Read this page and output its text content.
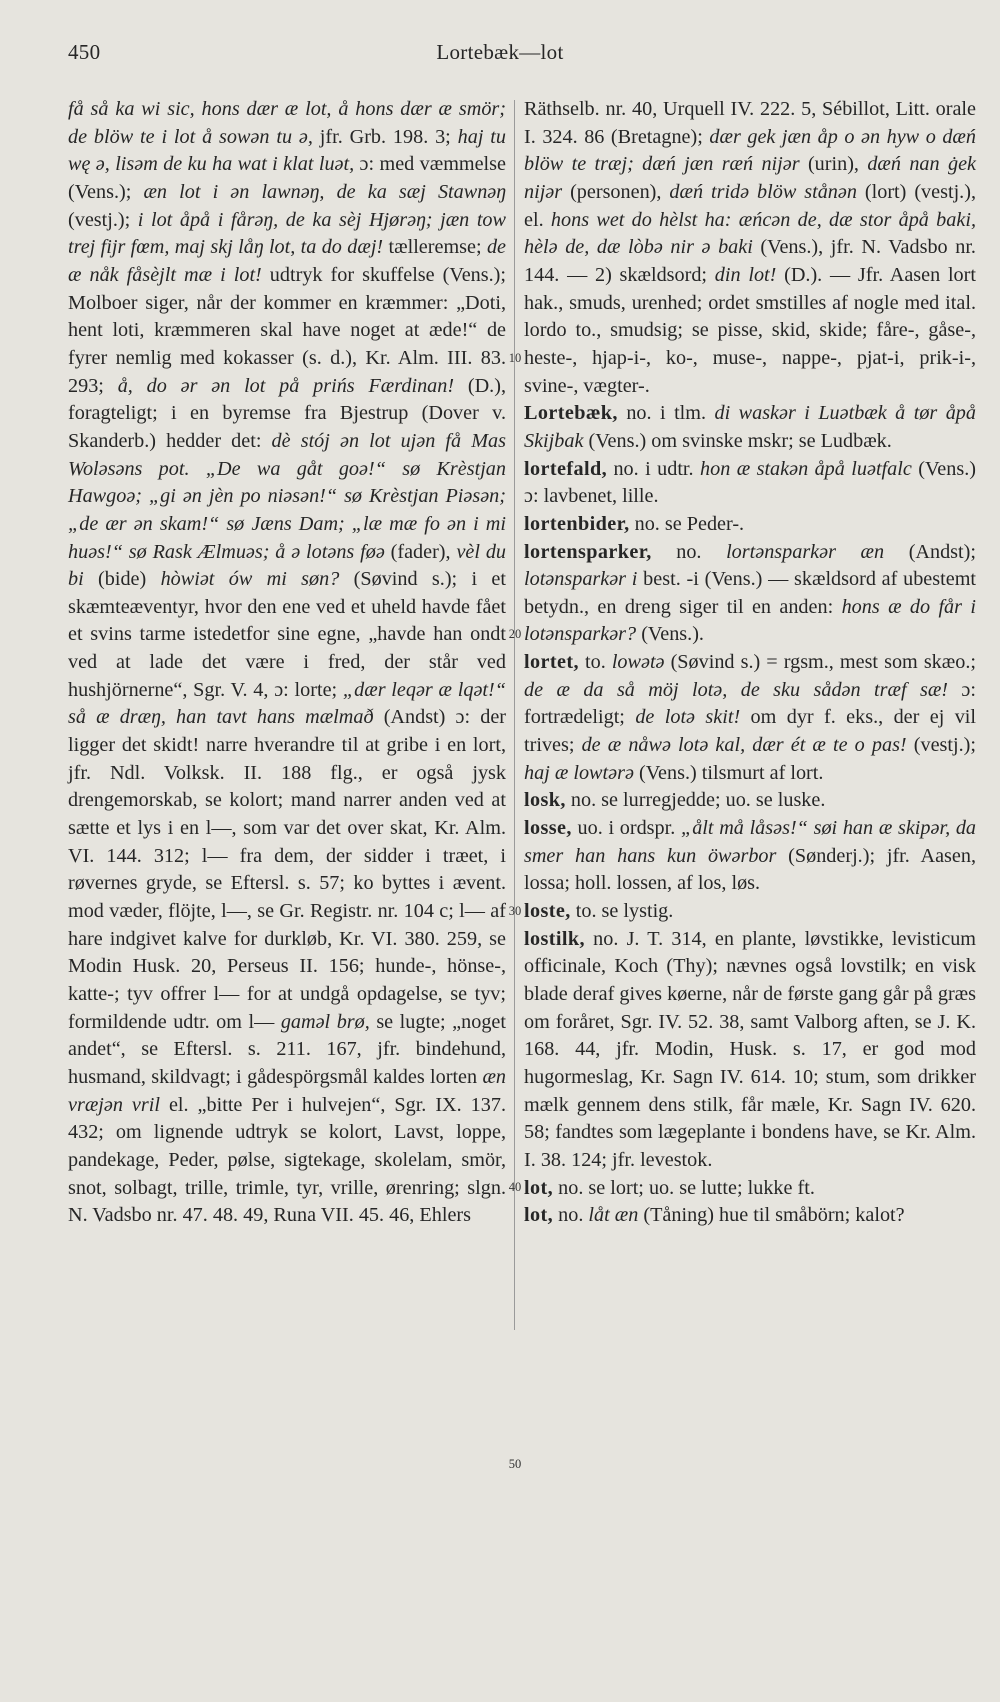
450	Lortebæk—lot

få så ka wi sic, hons dær æ lot, å hons dær æ smör; de blöw te i lot å sowən tu ə, jfr. Grb. 198. 3; haj tu wę ə, lisəm de ku ha wat i klat luət, ɔ: med væmmelse (Vens.); æn lot i ən lawnəŋ, de ka sæj Stawnəŋ (vestj.); i lot åpå i fårəŋ, de ka sèj Hjørəŋ; jæn tow trej fijr fœm, maj skj låŋ lot, ta do dæj! tælleremse; de æ nåk fåsèjlt mæ i lot! udtryk for skuffelse (Vens.); Molboer siger, når der kommer en kræmmer: „Doti, hent loti, kræmmeren skal have noget at æde!“ de fyrer nemlig med kokasser (s. d.), Kr. Alm. III. 83. 293; å, do ər ən lot på prińs Færdinan! (D.), foragteligt; i en byremse fra Bjestrup (Dover v. Skanderb.) hedder det: dè stój ən lot ujən få Mas Woləsəns pot. „De wa gåt goə!“ sø Krèstjan Hawgoə; „gi ən jèn po niəsən!“ sø Krèstjan Piəsən; „de ær ən skam!“ sø Jæns Dam; „læ mæ fo ən i mi huəs!“ sø Rask Ælmuəs; å ə lotəns føə (fader), vèl du bi (bide) hòwiət ów mi søn? (Søvind s.); i et skæmteæventyr, hvor den ene ved et uheld havde fået et svins tarme istedetfor sine egne, „havde han ondt ved at lade det være i fred, der står ved hushjörnerne“, Sgr. V. 4, ɔ: lorte; „dær leqər æ lqət!“ så æ dræŋ, han tavt hans mælmað (Andst) ɔ: der ligger det skidt! narre hverandre til at gribe i en lort, jfr. Ndl. Volksk. II. 188 flg., er også jysk drengemorskab, se kolort; mand narrer anden ved at sætte et lys i en l—, som var det over skat, Kr. Alm. VI. 144. 312; l— fra dem, der sidder i træet, i røvernes gryde, se Eftersl. s. 57; ko byttes i ævent. mod væder, flöjte, l—, se Gr. Registr. nr. 104 c; l— af hare indgivet kalve for durkløb, Kr. VI. 380. 259, se Modin Husk. 20, Perseus II. 156; hunde-, hönse-, katte-; tyv offrer l— for at undgå opdagelse, se tyv; formildende udtr. om l— gaməl brø, se lugte; „noget andet“, se Eftersl. s. 211. 167, jfr. bindehund, husmand, skildvagt; i gådespörgsmål kaldes lorten æn vræjən vril el. „bitte Per i hulvejen“, Sgr. IX. 137. 432; om lignende udtryk se kolort, Lavst, loppe, pandekage, Peder, pølse, sigtekage, skolelam, smör, snot, solbagt, trille, trimle, tyr, vrille, ørenring; slgn. N. Vadsbo nr. 47. 48. 49, Runa VII. 45. 46, Ehlers

10
20
30
40
50

Räthselb. nr. 40, Urquell IV. 222. 5, Sébillot, Litt. orale I. 324. 86 (Bretagne); dær gek jæn åp o ən hyw o dæń blöw te træj; dæń jæn ræń nijər (urin), dæń nan ġek nijər (personen), dæń tridə blöw stånən (lort) (vestj.), el. hons wet do hèlst ha: æńcən de, dæ stor åpå baki, hèlə de, dæ lòbə nir ə baki (Vens.), jfr. N. Vadsbo nr. 144. — 2) skældsord; din lot! (D.). — Jfr. Aasen lort hak., smuds, urenhed; ordet smstilles af nogle med ital. lordo to., smudsig; se pisse, skid, skide; fåre-, gåse-, heste-, hjap-i-, ko-, muse-, nappe-, pjat-i, prik-i-, svine-, vægter-.

Lortebæk, no. i tlm. di waskər i Luətbæk å tør åpå Skijbak (Vens.) om svinske mskr; se Ludbæk.

lortefald, no. i udtr. hon æ stakən åpå luətfalc (Vens.) ɔ: lavbenet, lille.

lortenbider, no. se Peder-.

lortensparker, no. lortənsparkər æn (Andst); lotənsparkər i best. -i (Vens.) — skældsord af ubestemt betydn., en dreng siger til en anden: hons æ do får i lotənsparkər? (Vens.).

lortet, to. lowətə (Søvind s.) = rgsm., mest som skæo.; de æ da så möj lotə, de sku sådən træf sæ! ɔ: fortrædeligt; de lotə skit! om dyr f. eks., der ej vil trives; de æ nåwə lotə kal, dær ét æ te o pas! (vestj.); haj æ lowtərə (Vens.) tilsmurt af lort.

losk, no. se lurregjedde; uo. se luske.

losse, uo. i ordspr. „ålt må låsəs!“ søi han æ skipər, da smer han hans kun öwərbor (Sønderj.); jfr. Aasen, lossa; holl. lossen, af los, løs.

loste, to. se lystig.

lostilk, no. J. T. 314, en plante, løvstikke, levisticum officinale, Koch (Thy); nævnes også lovstilk; en visk blade deraf gives køerne, når de første gang går på græs om foråret, Sgr. IV. 52. 38, samt Valborg aften, se J. K. 168. 44, jfr. Modin, Husk. s. 17, er god mod hugormeslag, Kr. Sagn IV. 614. 10; stum, som drikker mælk gennem dens stilk, får mæle, Kr. Sagn IV. 620. 58; fandtes som lægeplante i bondens have, se Kr. Alm. I. 38. 124; jfr. levestok.

lot, no. se lort; uo. se lutte; lukke ft.

lot, no. låt æn (Tåning) hue til småbörn; kalot?
